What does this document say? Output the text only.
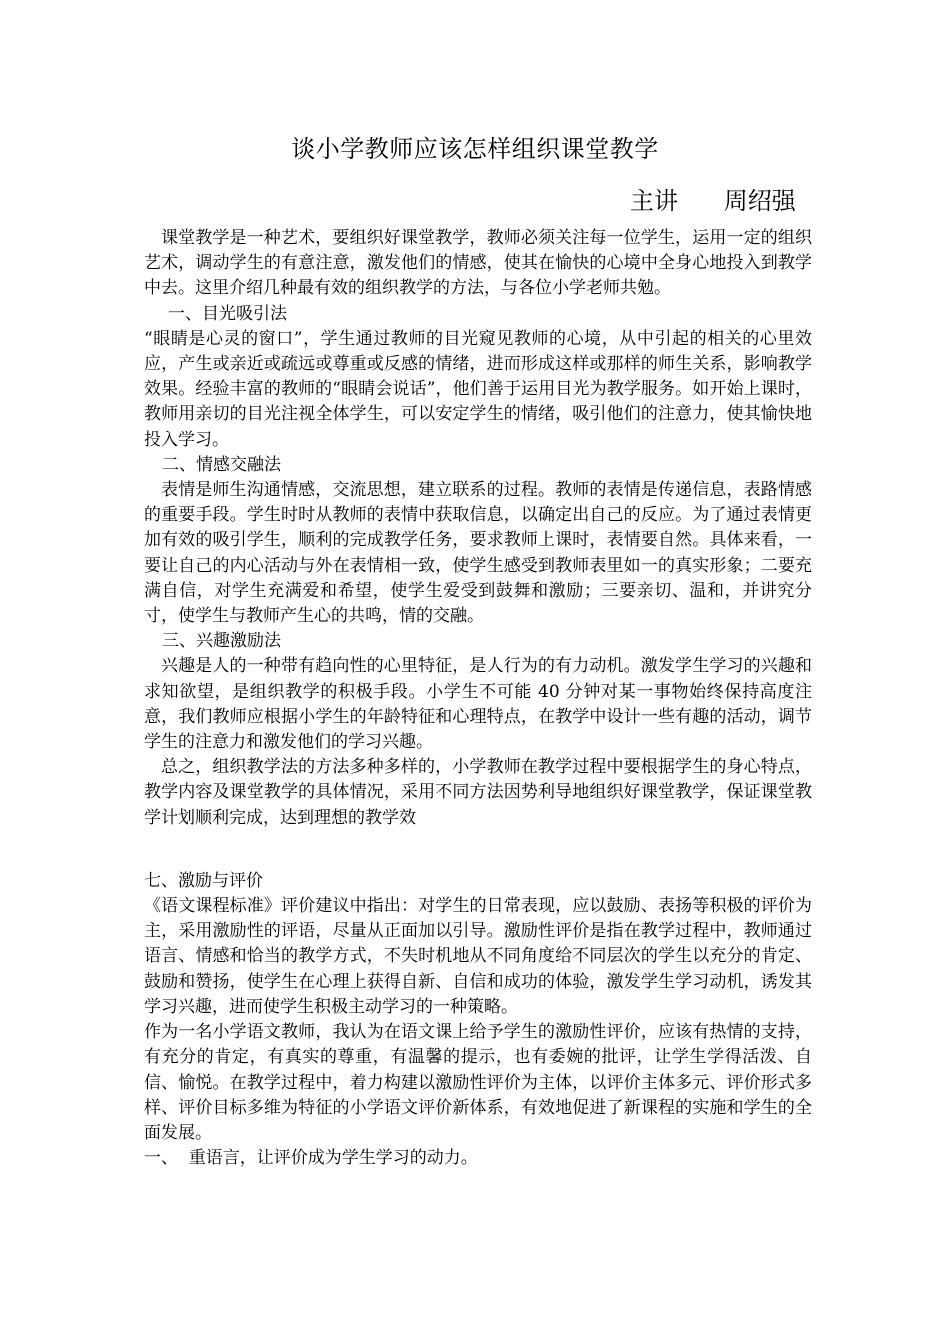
谈小学教师应该怎样组织课堂教学
主讲      周绍强

课堂教学是一种艺术，要组织好课堂教学，教师必须关注每一位学生，运用一定的组织艺术，调动学生的有意注意，激发他们的情感，使其在愉快的心境中全身心地投入到教学中去。这里介绍几种最有效的组织教学的方法，与各位小学老师共勉。

一、目光吸引法

“眼睛是心灵的窗口”，学生通过教师的目光窥见教师的心境，从中引起的相关的心里效应，产生或亲近或疏远或尊重或反感的情绪，进而形成这样或那样的师生关系，影响教学效果。经验丰富的教师的“眼睛会说话”，他们善于运用目光为教学服务。如开始上课时，教师用亲切的目光注视全体学生，可以安定学生的情绪，吸引他们的注意力，使其愉快地投入学习。

二、情感交融法

表情是师生沟通情感，交流思想，建立联系的过程。教师的表情是传递信息，表路情感的重要手段。学生时时从教师的表情中获取信息，以确定出自己的反应。为了通过表情更加有效的吸引学生，顺利的完成教学任务，要求教师上课时，表情要自然。具体来看，一要让自己的内心活动与外在表情相一致，使学生感受到教师表里如一的真实形象；二要充满自信，对学生充满爱和希望，使学生爱受到鼓舞和激励；三要亲切、温和，并讲究分寸，使学生与教师产生心的共鸣，情的交融。

三、兴趣激励法

兴趣是人的一种带有趋向性的心里特征，是人行为的有力动机。激发学生学习的兴趣和求知欲望，是组织教学的积极手段。小学生不可能 40 分钟对某一事物始终保持高度注意，我们教师应根据小学生的年龄特征和心理特点，在教学中设计一些有趣的活动，调节学生的注意力和激发他们的学习兴趣。

总之，组织教学法的方法多种多样的，小学教师在教学过程中要根据学生的身心特点，教学内容及课堂教学的具体情况，采用不同方法因势利导地组织好课堂教学，保证课堂教学计划顺利完成，达到理想的教学效

七、激励与评价

《语文课程标准》评价建议中指出：对学生的日常表现，应以鼓励、表扬等积极的评价为主，采用激励性的评语，尽量从正面加以引导。激励性评价是指在教学过程中，教师通过语言、情感和恰当的教学方式，不失时机地从不同角度给不同层次的学生以充分的肯定、鼓励和赞扬，使学生在心理上获得自新、自信和成功的体验，激发学生学习动机，诱发其学习兴趣，进而使学生积极主动学习的一种策略。

作为一名小学语文教师，我认为在语文课上给予学生的激励性评价，应该有热情的支持，有充分的肯定，有真实的尊重，有温馨的提示，也有委婉的批评，让学生学得活泼、自信、愉悦。在教学过程中，着力构建以激励性评价为主体，以评价主体多元、评价形式多样、评价目标多维为特征的小学语文评价新体系，有效地促进了新课程的实施和学生的全面发展。

一、  重语言，让评价成为学生学习的动力。
